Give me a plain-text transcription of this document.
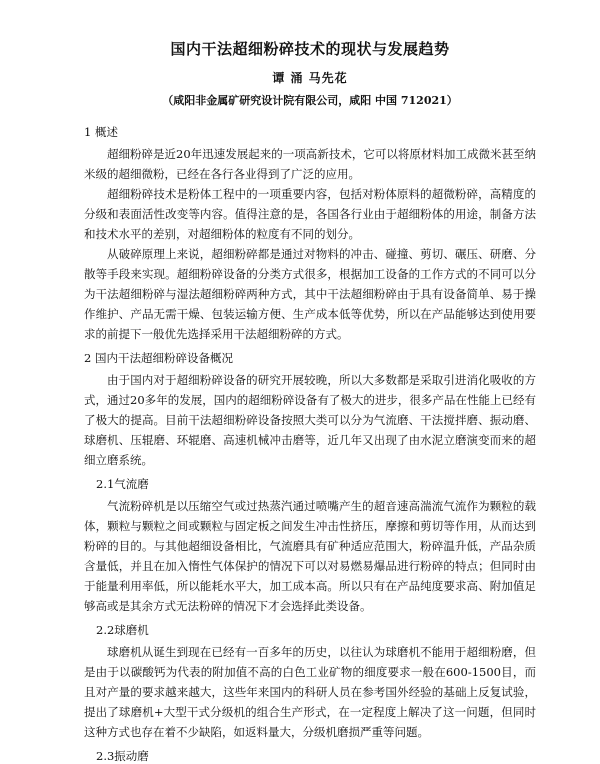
国内干法超细粉碎技术的现状与发展趋势
谭 涌 马先花
（咸阳非金属矿研究设计院有限公司，咸阳 中国 712021）
1 概述

超细粉碎是近20年迅速发展起来的一项高新技术，它可以将原材料加工成微米甚至纳米级的超细微粉，已经在各行各业得到了广泛的应用。

超细粉碎技术是粉体工程中的一项重要内容，包括对粉体原料的超微粉碎，高精度的分级和表面活性改变等内容。值得注意的是，各国各行业由于超细粉体的用途，制备方法和技术水平的差别，对超细粉体的粒度有不同的划分。

从破碎原理上来说，超细粉碎都是通过对物料的冲击、碰撞、剪切、碾压、研磨、分散等手段来实现。超细粉碎设备的分类方式很多，根据加工设备的工作方式的不同可以分为干法超细粉碎与湿法超细粉碎两种方式，其中干法超细粉碎由于具有设备简单、易于操作维护、产品无需干燥、包装运输方便、生产成本低等优势，所以在产品能够达到使用要求的前提下一般优先选择采用干法超细粉碎的方式。

2 国内干法超细粉碎设备概况

由于国内对于超细粉碎设备的研究开展较晚，所以大多数都是采取引进消化吸收的方式，通过20多年的发展，国内的超细粉碎设备有了极大的进步，很多产品在性能上已经有了极大的提高。目前干法超细粉碎设备按照大类可以分为气流磨、干法搅拌磨、振动磨、球磨机、压辊磨、环辊磨、高速机械冲击磨等，近几年又出现了由水泥立磨演变而来的超细立磨系统。

2.1气流磨

气流粉碎机是以压缩空气或过热蒸汽通过喷嘴产生的超音速高湍流气流作为颗粒的载体，颗粒与颗粒之间或颗粒与固定板之间发生冲击性挤压，摩擦和剪切等作用，从而达到粉碎的目的。与其他超细设备相比，气流磨具有矿种适应范围大，粉碎温升低，产品杂质含量低，并且在加入惰性气体保护的情况下可以对易燃易爆品进行粉碎的特点；但同时由于能量利用率低，所以能耗水平大，加工成本高。所以只有在产品纯度要求高、附加值足够高或是其余方式无法粉碎的情况下才会选择此类设备。

2.2球磨机

球磨机从诞生到现在已经有一百多年的历史，以往认为球磨机不能用于超细粉磨，但是由于以碳酸钙为代表的附加值不高的白色工业矿物的细度要求一般在600-1500目，而且对产量的要求越来越大，这些年来国内的科研人员在参考国外经验的基础上反复试验，提出了球磨机+大型干式分级机的组合生产形式，在一定程度上解决了这一问题，但同时这种方式也存在着不少缺陷，如返料量大，分级机磨损严重等问题。

2.3振动磨
